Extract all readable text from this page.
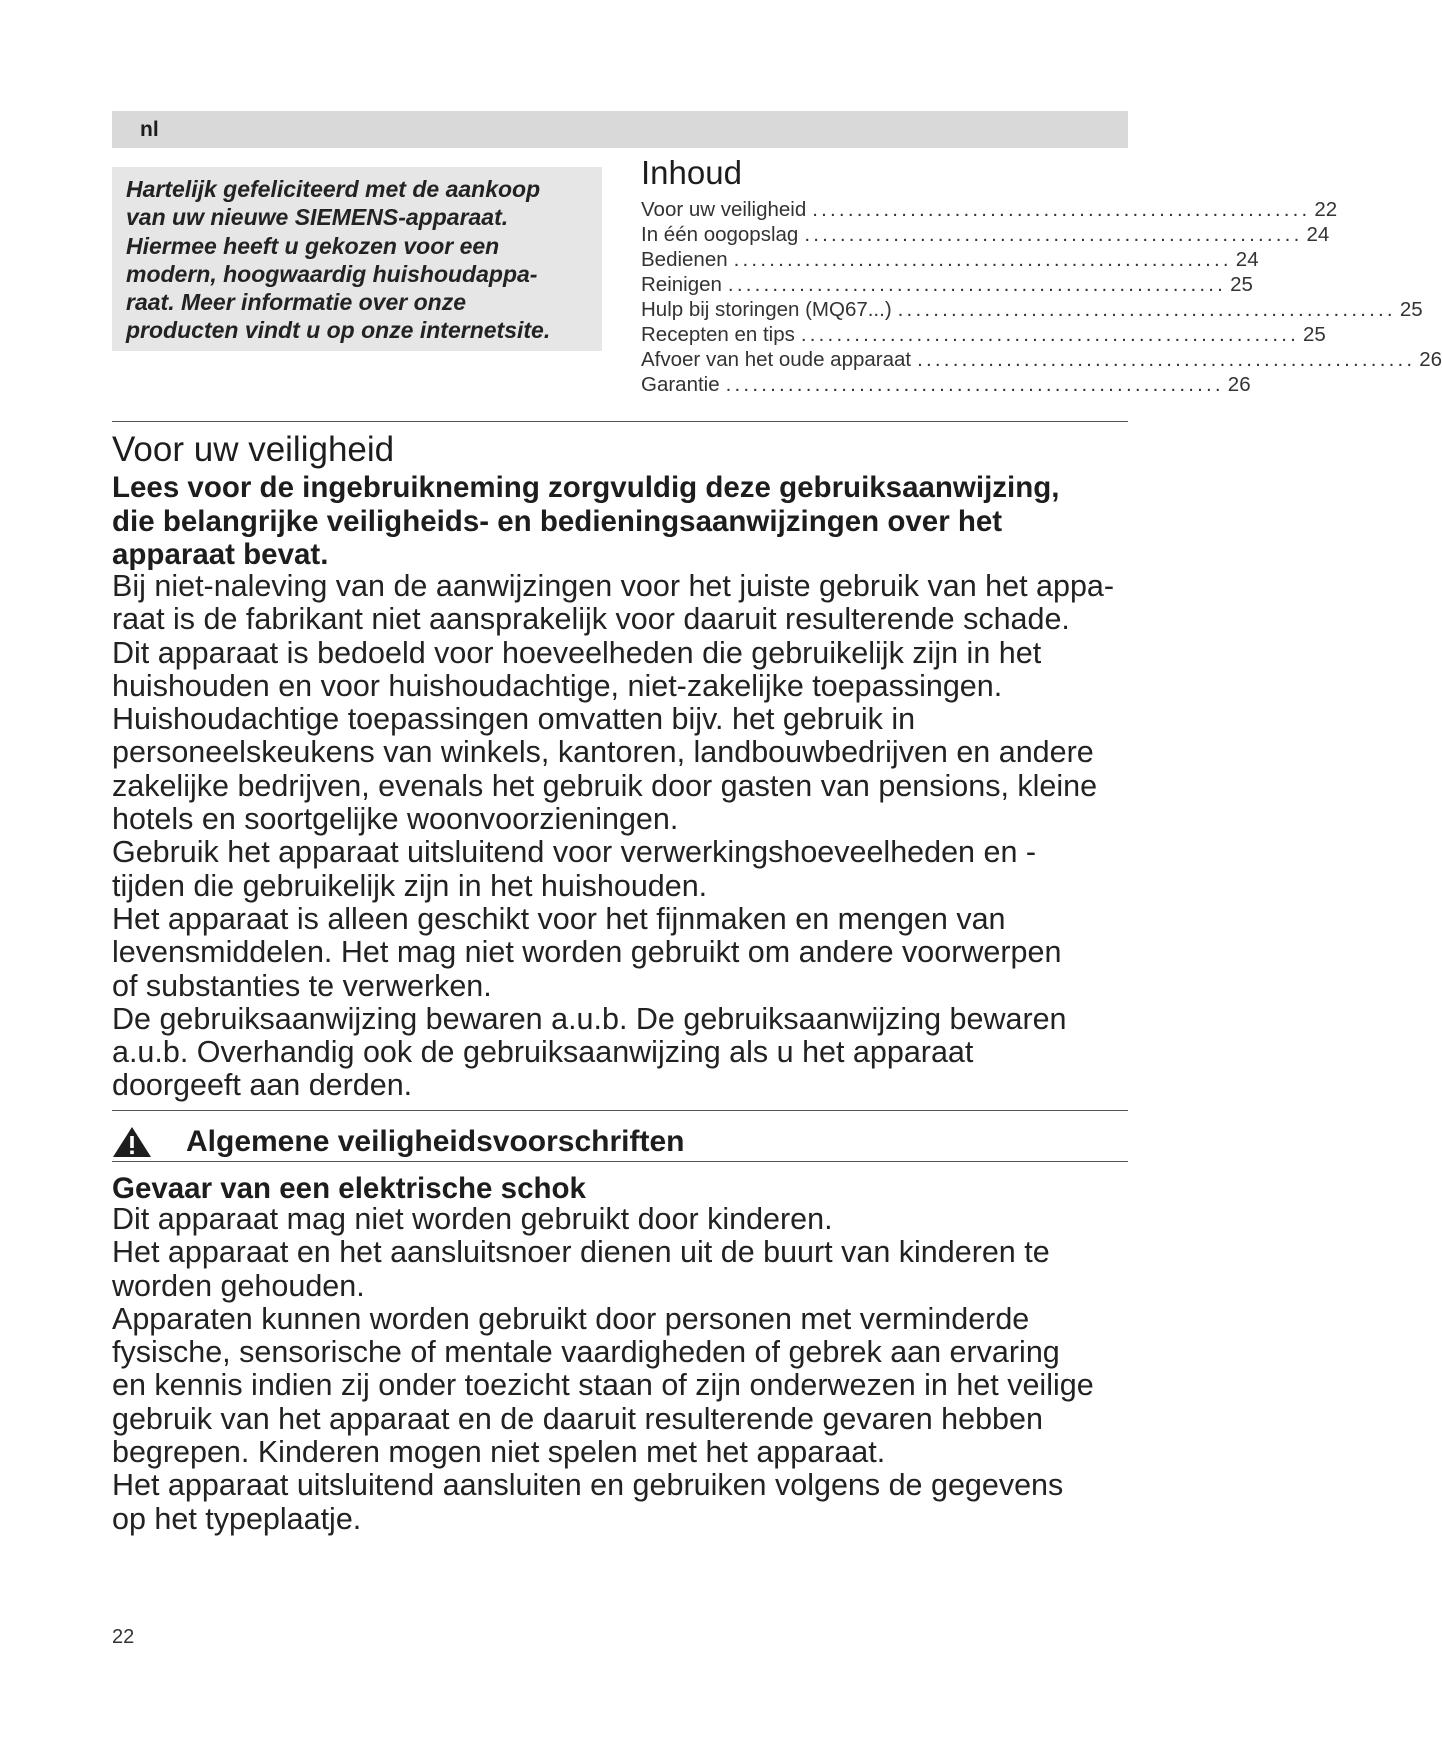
nl

Hartelijk gefeliciteerd met de aankoop

van uw nieuwe SIEMENS-apparaat.

Hiermee heeft u gekozen voor een

modern, hoogwaardig huishoudappa-

raat. Meer informatie over onze

producten vindt u op onze internetsite.

Inhoud
Voor uw veiligheid ........................................................ 22
In één oogopslag ........................................................ 24
Bedienen ........................................................ 24
Reinigen ........................................................ 25
Hulp bij storingen (MQ67...) ........................................................ 25
Recepten en tips ........................................................ 25
Afvoer van het oude apparaat ........................................................ 26
Garantie ........................................................ 26
Voor uw veiligheid
Lees voor de ingebruikneming zorgvuldig deze gebruiksaanwijzing,
die belangrijke veiligheids- en bedieningsaanwijzingen over het
apparaat bevat.

Bij niet-naleving van de aanwijzingen voor het juiste gebruik van het appa-

raat is de fabrikant niet aansprakelijk voor daaruit resulterende schade.

Dit apparaat is bedoeld voor hoeveelheden die gebruikelijk zijn in het

huishouden en voor huishoudachtige, niet-zakelijke toepassingen.

Huishoudachtige toepassingen omvatten bijv. het gebruik in

personeelskeukens van winkels, kantoren, landbouwbedrijven en andere

zakelijke bedrijven, evenals het gebruik door gasten van pensions, kleine

hotels en soortgelijke woonvoorzieningen.

Gebruik het apparaat uitsluitend voor verwerkingshoeveelheden en -

tijden die gebruikelijk zijn in het huishouden.

Het apparaat is alleen geschikt voor het fijnmaken en mengen van

levensmiddelen. Het mag niet worden gebruikt om andere voorwerpen

of substanties te verwerken.

De gebruiksaanwijzing bewaren a.u.b. De gebruiksaanwijzing bewaren

a.u.b. Overhandig ook de gebruiksaanwijzing als u het apparaat

doorgeeft aan derden.

Algemene veiligheidsvoorschriften
Gevaar van een elektrische schok

Dit apparaat mag niet worden gebruikt door kinderen.

Het apparaat en het aansluitsnoer dienen uit de buurt van kinderen te

worden gehouden.

Apparaten kunnen worden gebruikt door personen met verminderde

fysische, sensorische of mentale vaardigheden of gebrek aan ervaring

en kennis indien zij onder toezicht staan of zijn onderwezen in het veilige

gebruik van het apparaat en de daaruit resulterende gevaren hebben

begrepen. Kinderen mogen niet spelen met het apparaat.

Het apparaat uitsluitend aansluiten en gebruiken volgens de gegevens

op het typeplaatje.

22
